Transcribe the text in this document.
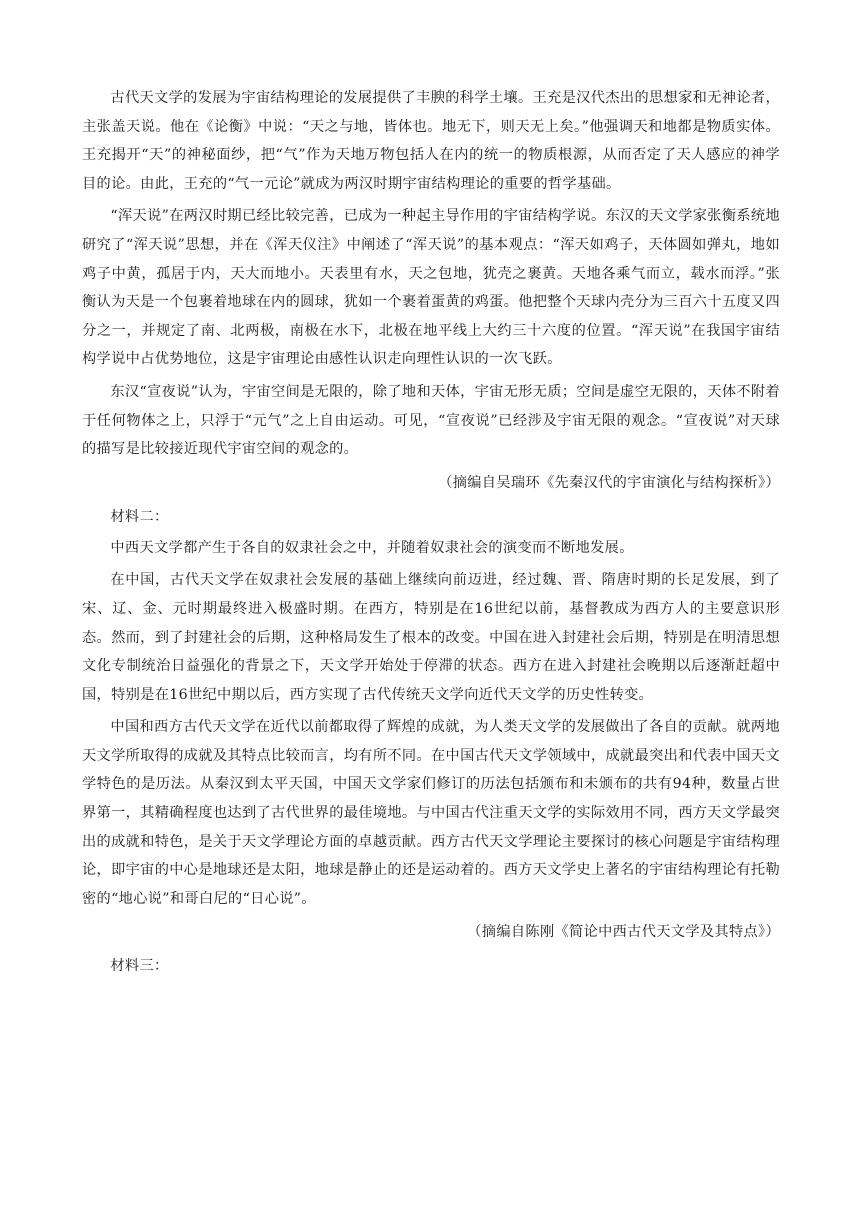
古代天文学的发展为宇宙结构理论的发展提供了丰腴的科学土壤。王充是汉代杰出的思想家和无神论者，主张盖天说。他在《论衡》中说：“天之与地，皆体也。地无下，则天无上矣。”他强调天和地都是物质实体。王充揭开“天”的神秘面纱，把“气”作为天地万物包括人在内的统一的物质根源，从而否定了天人感应的神学目的论。由此，王充的“气一元论”就成为两汉时期宇宙结构理论的重要的哲学基础。

“浑天说”在两汉时期已经比较完善，已成为一种起主导作用的宇宙结构学说。东汉的天文学家张衡系统地研究了“浑天说”思想，并在《浑天仪注》中阐述了“浑天说”的基本观点：“浑天如鸡子，天体圆如弹丸，地如鸡子中黄，孤居于内，天大而地小。天表里有水，天之包地，犹壳之裹黄。天地各乘气而立，载水而浮。”张衡认为天是一个包裹着地球在内的圆球，犹如一个裹着蛋黄的鸡蛋。他把整个天球内壳分为三百六十五度又四分之一，并规定了南、北两极，南极在水下，北极在地平线上大约三十六度的位置。“浑天说”在我国宇宙结构学说中占优势地位，这是宇宙理论由感性认识走向理性认识的一次飞跃。

东汉“宣夜说”认为，宇宙空间是无限的，除了地和天体，宇宙无形无质；空间是虚空无限的，天体不附着于任何物体之上，只浮于“元气”之上自由运动。可见，“宣夜说”已经涉及宇宙无限的观念。“宣夜说”对天球的描写是比较接近现代宇宙空间的观念的。

（摘编自吴瑞环《先秦汉代的宇宙演化与结构探析》）

材料二：

中西天文学都产生于各自的奴隶社会之中，并随着奴隶社会的演变而不断地发展。

在中国，古代天文学在奴隶社会发展的基础上继续向前迈进，经过魏、晋、隋唐时期的长足发展，到了宋、辽、金、元时期最终进入极盛时期。在西方，特别是在16世纪以前，基督教成为西方人的主要意识形态。然而，到了封建社会的后期，这种格局发生了根本的改变。中国在进入封建社会后期，特别是在明清思想文化专制统治日益强化的背景之下，天文学开始处于停滞的状态。西方在进入封建社会晚期以后逐渐赶超中国，特别是在16世纪中期以后，西方实现了古代传统天文学向近代天文学的历史性转变。

中国和西方古代天文学在近代以前都取得了辉煌的成就，为人类天文学的发展做出了各自的贡献。就两地天文学所取得的成就及其特点比较而言，均有所不同。在中国古代天文学领域中，成就最突出和代表中国天文学特色的是历法。从秦汉到太平天国，中国天文学家们修订的历法包括颁布和未颁布的共有94种，数量占世界第一，其精确程度也达到了古代世界的最佳境地。与中国古代注重天文学的实际效用不同，西方天文学最突出的成就和特色，是关于天文学理论方面的卓越贡献。西方古代天文学理论主要探讨的核心问题是宇宙结构理论，即宇宙的中心是地球还是太阳，地球是静止的还是运动着的。西方天文学史上著名的宇宙结构理论有托勒密的“地心说”和哥白尼的“日心说”。

（摘编自陈刚《简论中西古代天文学及其特点》）

材料三：
